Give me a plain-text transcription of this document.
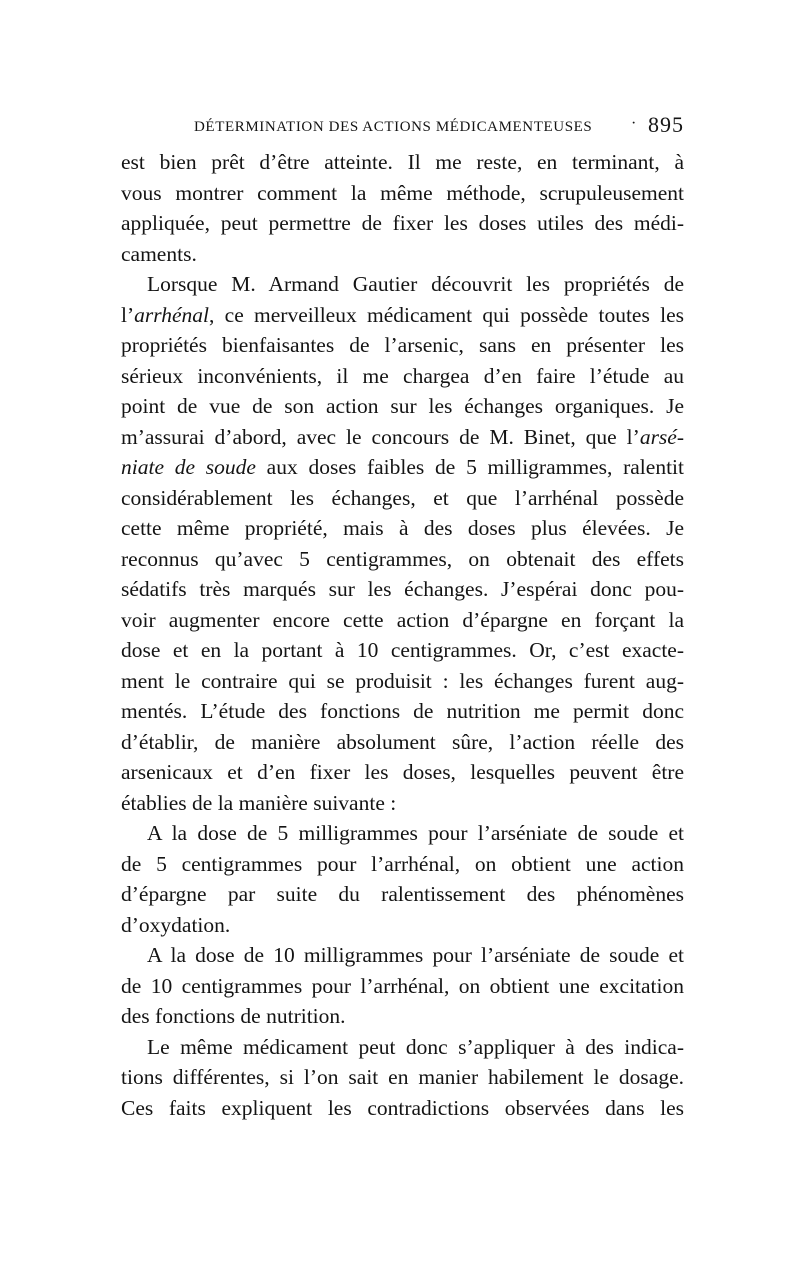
DÉTERMINATION DES ACTIONS MÉDICAMENTEUSES · 895
est bien prêt d’être atteinte. Il me reste, en terminant, à
vous montrer comment la même méthode, scrupuleusement
appliquée, peut permettre de fixer les doses utiles des médi-
caments.
Lorsque M. Armand Gautier découvrit les propriétés de
l’arrhénal, ce merveilleux médicament qui possède toutes les
propriétés bienfaisantes de l’arsenic, sans en présenter les
sérieux inconvénients, il me chargea d’en faire l’étude au
point de vue de son action sur les échanges organiques. Je
m’assurai d’abord, avec le concours de M. Binet, que l’arsé-
niate de soude aux doses faibles de 5 milligrammes, ralentit
considérablement les échanges, et que l’arrhénal possède
cette même propriété, mais à des doses plus élevées. Je
reconnus qu’avec 5 centigrammes, on obtenait des effets
sédatifs très marqués sur les échanges. J’espérai donc pou-
voir augmenter encore cette action d’épargne en forçant la
dose et en la portant à 10 centigrammes. Or, c’est exacte-
ment le contraire qui se produisit : les échanges furent aug-
mentés. L’étude des fonctions de nutrition me permit donc
d’établir, de manière absolument sûre, l’action réelle des
arsenicaux et d’en fixer les doses, lesquelles peuvent être
établies de la manière suivante :
A la dose de 5 milligrammes pour l’arséniate de soude et
de 5 centigrammes pour l’arrhénal, on obtient une action
d’épargne par suite du ralentissement des phénomènes
d’oxydation.
A la dose de 10 milligrammes pour l’arséniate de soude et
de 10 centigrammes pour l’arrhénal, on obtient une excitation
des fonctions de nutrition.
Le même médicament peut donc s’appliquer à des indica-
tions différentes, si l’on sait en manier habilement le dosage.
Ces faits expliquent les contradictions observées dans les
